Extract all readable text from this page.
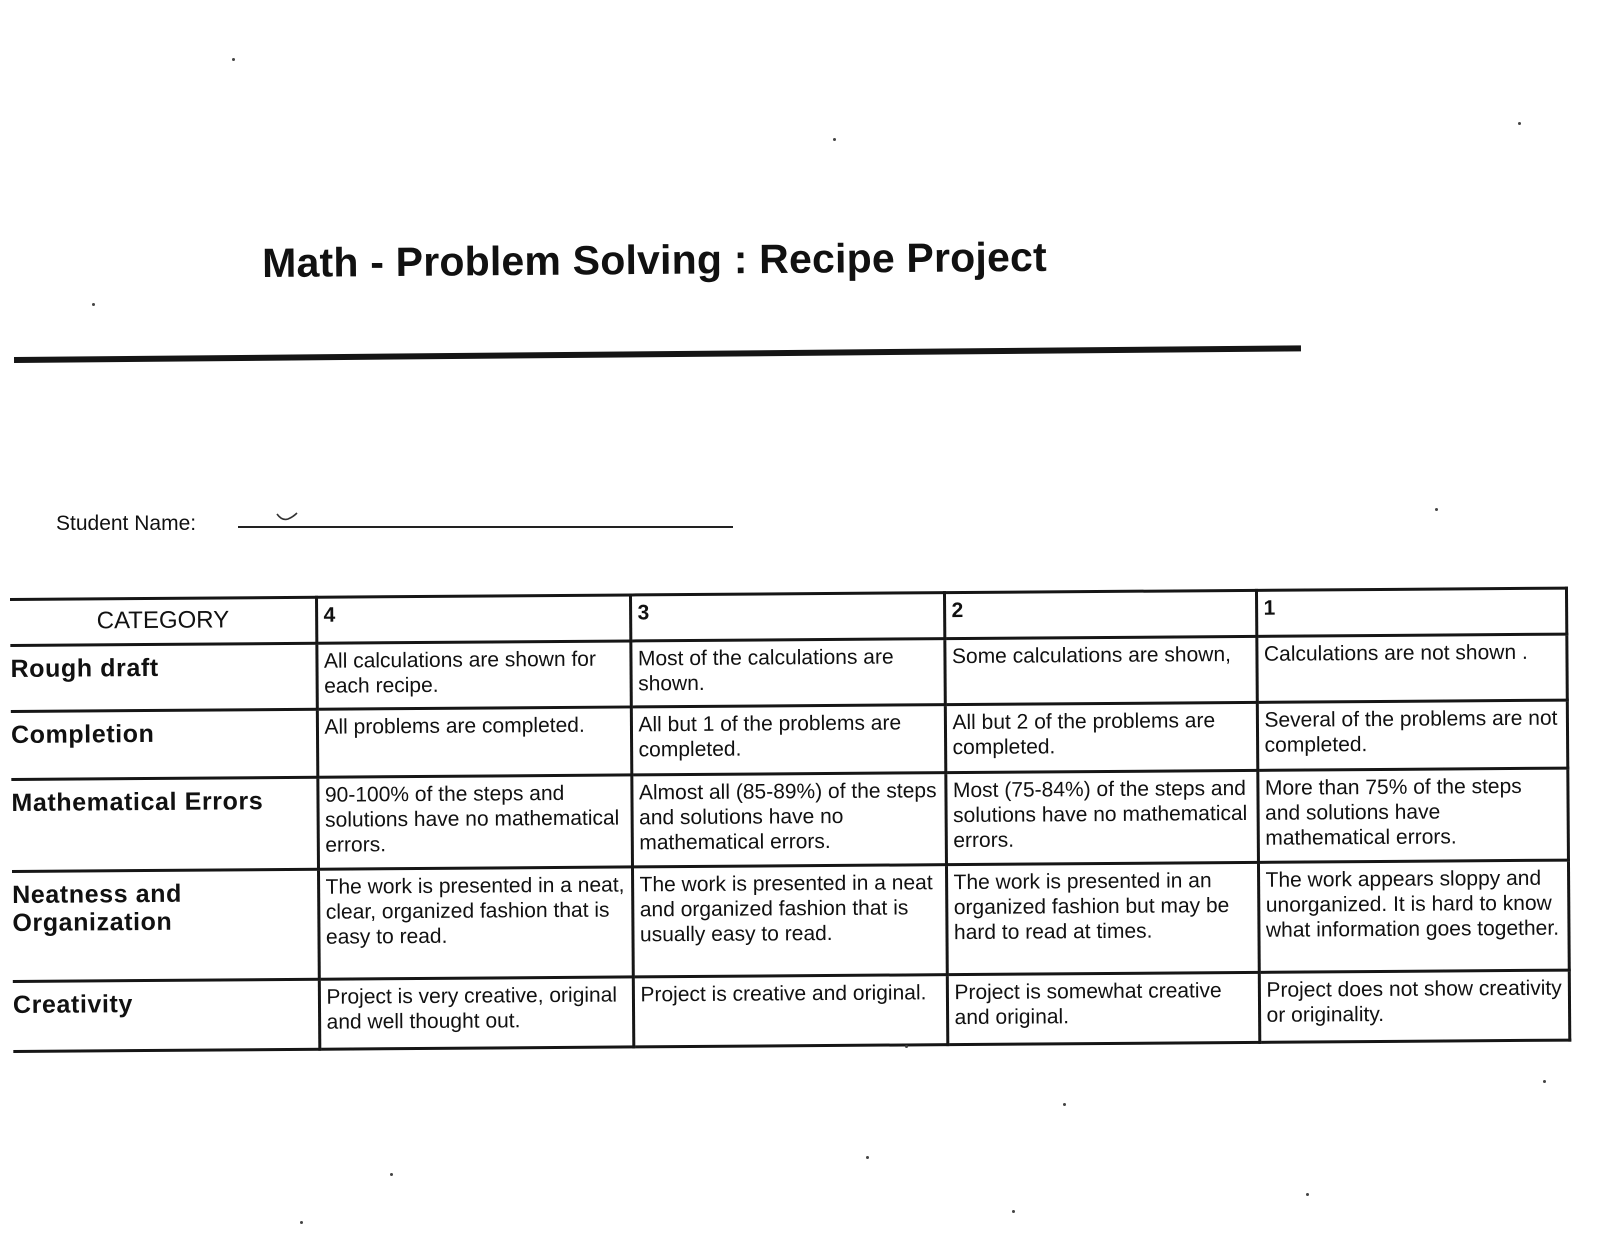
Math - Problem Solving : Recipe Project
Student Name:
CATEGORY	4	3	2	1
Rough draft	All calculations are shown for each recipe.	Most of the calculations are shown.	Some calculations are shown,	Calculations are not shown .
Completion	All problems are completed.	All but 1 of the problems are completed.	All but 2 of the problems are completed.	Several of the problems are not completed.
Mathematical Errors	90-100% of the steps and solutions have no mathematical errors.	Almost all (85-89%) of the steps and solutions have no mathematical errors.	Most (75-84%) of the steps and solutions have no mathematical errors.	More than 75% of the steps and solutions have mathematical errors.
Neatness and Organization	The work is presented in a neat, clear, organized fashion that is easy to read.	The work is presented in a neat and organized fashion that is usually easy to read.	The work is presented in an organized fashion but may be hard to read at times.	The work appears sloppy and unorganized. It is hard to know what information goes together.
Creativity	Project is very creative, original and well thought out.	Project is creative and original.	Project is somewhat creative and original.	Project does not show creativity or originality.
